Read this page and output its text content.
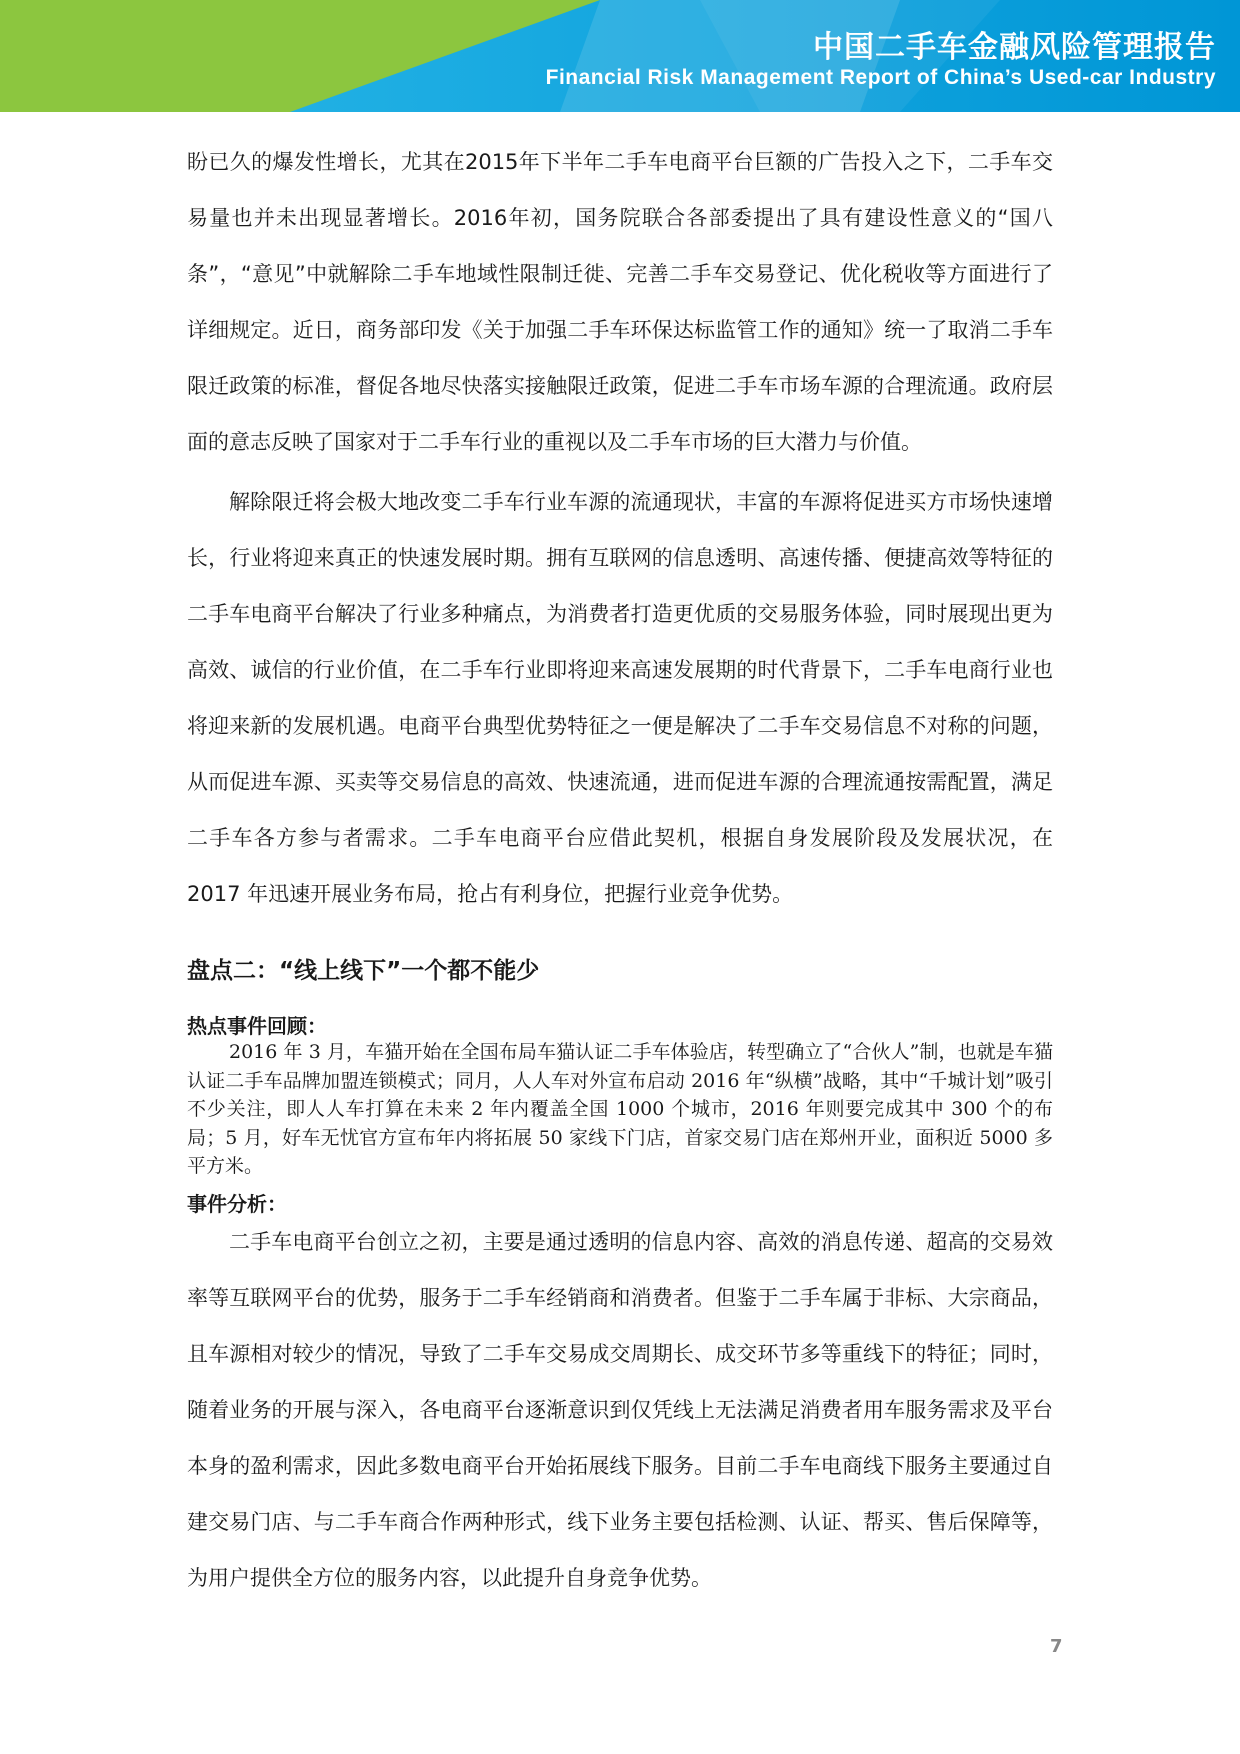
中国二手车金融风险管理报告
Financial Risk Management Report of China’s Used-car Industry

盼已久的爆发性增长，尤其在2015年下半年二手车电商平台巨额的广告投入之下，二手车交易量也并未出现显著增长。2016年初，国务院联合各部委提出了具有建设性意义的“国八条”，“意见”中就解除二手车地域性限制迁徙、完善二手车交易登记、优化税收等方面进行了详细规定。近日，商务部印发《关于加强二手车环保达标监管工作的通知》统一了取消二手车限迁政策的标准，督促各地尽快落实接触限迁政策，促进二手车市场车源的合理流通。政府层面的意志反映了国家对于二手车行业的重视以及二手车市场的巨大潜力与价值。

解除限迁将会极大地改变二手车行业车源的流通现状，丰富的车源将促进买方市场快速增长，行业将迎来真正的快速发展时期。拥有互联网的信息透明、高速传播、便捷高效等特征的二手车电商平台解决了行业多种痛点，为消费者打造更优质的交易服务体验，同时展现出更为高效、诚信的行业价值，在二手车行业即将迎来高速发展期的时代背景下，二手车电商行业也将迎来新的发展机遇。电商平台典型优势特征之一便是解决了二手车交易信息不对称的问题，从而促进车源、买卖等交易信息的高效、快速流通，进而促进车源的合理流通按需配置，满足二手车各方参与者需求。二手车电商平台应借此契机，根据自身发展阶段及发展状况，在 2017 年迅速开展业务布局，抢占有利身位，把握行业竞争优势。

盘点二：“线上线下”一个都不能少
热点事件回顾：

2016 年 3 月，车猫开始在全国布局车猫认证二手车体验店，转型确立了“合伙人”制，也就是车猫认证二手车品牌加盟连锁模式；同月，人人车对外宣布启动 2016 年“纵横”战略，其中“千城计划”吸引不少关注，即人人车打算在未来 2 年内覆盖全国 1000 个城市，2016 年则要完成其中 300 个的布局；5 月，好车无忧官方宣布年内将拓展 50 家线下门店，首家交易门店在郑州开业，面积近 5000 多平方米。

事件分析：

二手车电商平台创立之初，主要是通过透明的信息内容、高效的消息传递、超高的交易效率等互联网平台的优势，服务于二手车经销商和消费者。但鉴于二手车属于非标、大宗商品，且车源相对较少的情况，导致了二手车交易成交周期长、成交环节多等重线下的特征；同时，随着业务的开展与深入，各电商平台逐渐意识到仅凭线上无法满足消费者用车服务需求及平台本身的盈利需求，因此多数电商平台开始拓展线下服务。目前二手车电商线下服务主要通过自建交易门店、与二手车商合作两种形式，线下业务主要包括检测、认证、帮买、售后保障等，为用户提供全方位的服务内容，以此提升自身竞争优势。

7
